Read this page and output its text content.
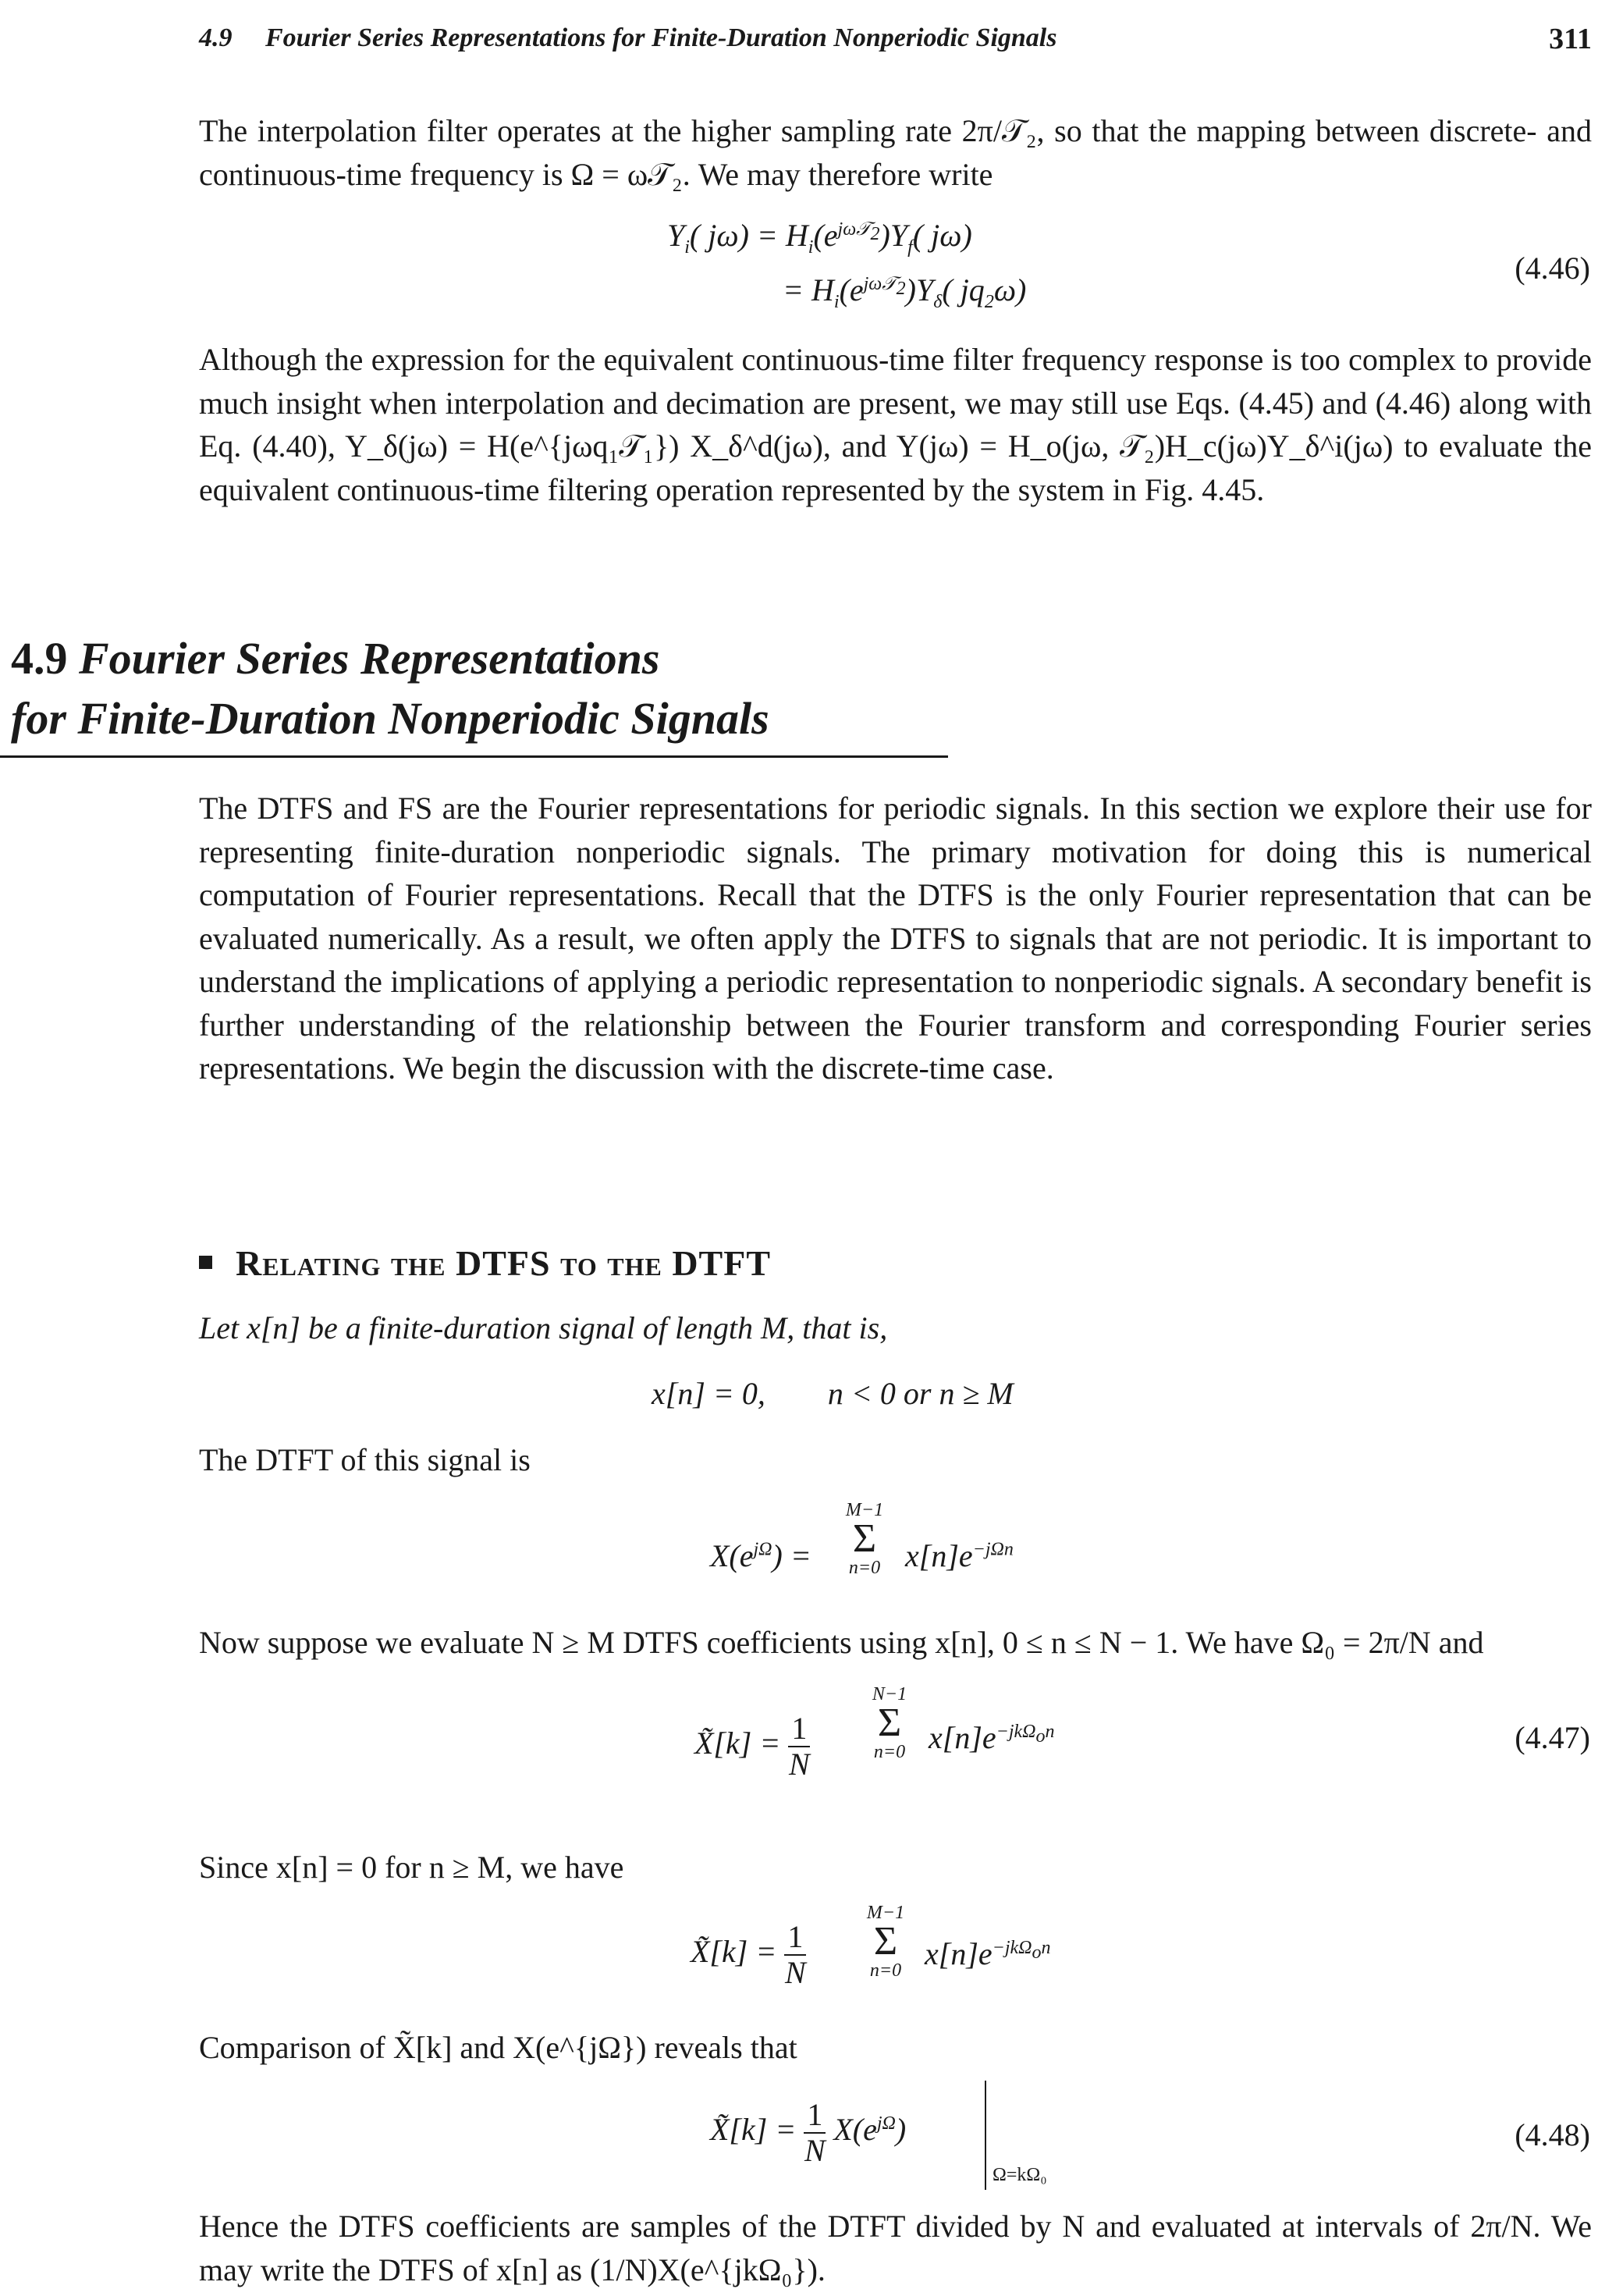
4.9 Fourier Series Representations for Finite-Duration Nonperiodic Signals	311
The interpolation filter operates at the higher sampling rate 2π/𝒯₂, so that the mapping between discrete- and continuous-time frequency is Ω = ω𝒯₂. We may therefore write
$Y_i$( $j\omega) = H_i(e^{j\omega 𝒯_2})Y_f$( jω)
= $H_i(e^{j\omega 𝒯_2})Y_\delta$( $jq_2\omega$)
(4.46)
Although the expression for the equivalent continuous-time filter frequency response is too complex to provide much insight when interpolation and decimation are present, we may still use Eqs. (4.45) and (4.46) along with Eq. (4.40), Y_δ(jω) = H(e^{jωq₁𝒯₁}) X_δ^d(jω), and Y(jω) = H_o(jω, 𝒯₂)H_c(jω)Y_δ^i(jω) to evaluate the equivalent continuous-time filtering operation represented by the system in Fig. 4.45.
4.9 Fourier Series Representations
for Finite-Duration Nonperiodic Signals
The DTFS and FS are the Fourier representations for periodic signals. In this section we explore their use for representing finite-duration nonperiodic signals. The primary motivation for doing this is numerical computation of Fourier representations. Recall that the DTFS is the only Fourier representation that can be evaluated numerically. As a result, we often apply the DTFS to signals that are not periodic. It is important to understand the implications of applying a periodic representation to nonperiodic signals. A secondary benefit is further understanding of the relationship between the Fourier transform and corresponding Fourier series representations. We begin the discussion with the discrete-time case.
Relating the DTFS to the DTFT
Let x[n] be a finite-duration signal of length M, that is,
x[n] = 0,        n < 0 or n ≥ M
The DTFT of this signal is
$X(e^{j\Omega})$ =
M−1
Σ
n=0 $x[n]e^{-j\Omega n}$
Now suppose we evaluate N ≥ M DTFS coefficients using x[n], 0 ≤ n ≤ N − 1. We have Ω₀ = 2π/N and
X̃[k] = $\frac{1}{N}$
N−1
Σ
n=0 $x[n]e^{-jk\Omega_on}$	(4.47)
Since x[n] = 0 for n ≥ M, we have
X̃[k] = $\frac{1}{N}$
M−1
Σ
n=0 $x[n]e^{-jk\Omega_on}$
Comparison of X̃[k] and X(e^{jΩ}) reveals that
X̃[k] = $\frac{1}{N} X(e^{j\Omega})$
Ω=kΩ₀
(4.48)
Hence the DTFS coefficients are samples of the DTFT divided by N and evaluated at intervals of 2π/N. We may write the DTFS of x[n] as (1/N)X(e^{jkΩ₀}).
